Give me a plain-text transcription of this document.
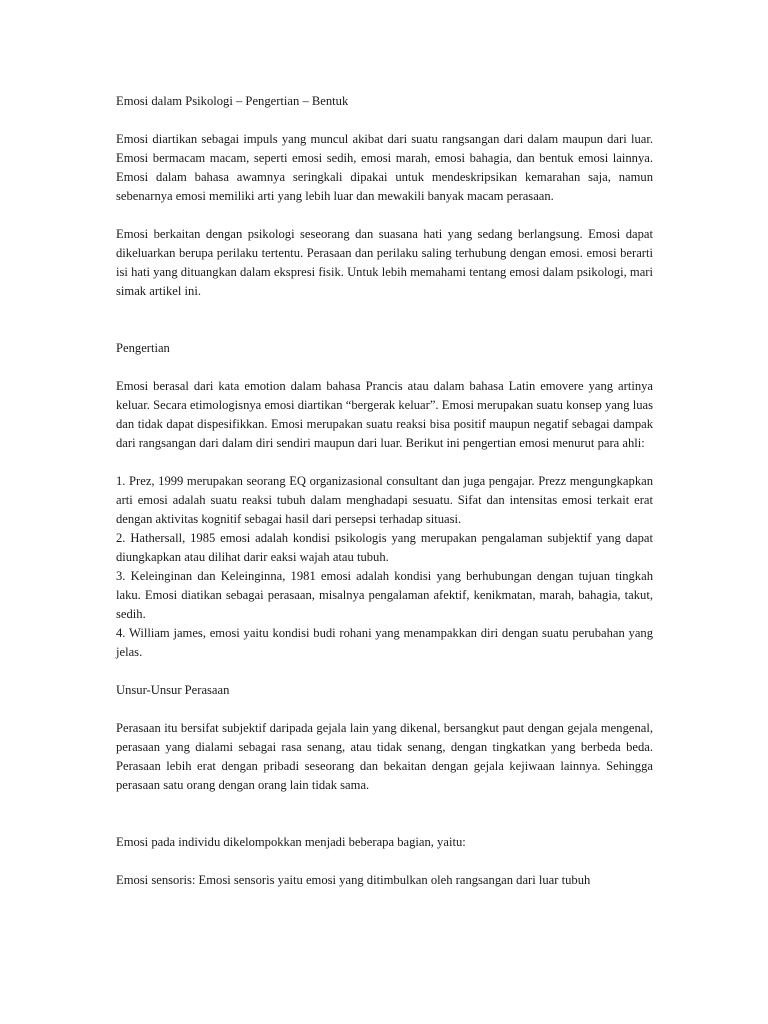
Emosi dalam Psikologi – Pengertian – Bentuk

Emosi diartikan sebagai impuls yang muncul akibat dari suatu rangsangan dari dalam maupun dari luar. Emosi bermacam macam, seperti emosi sedih, emosi marah, emosi bahagia, dan bentuk emosi lainnya. Emosi dalam bahasa awamnya seringkali dipakai untuk mendeskripsikan kemarahan saja, namun sebenarnya emosi memiliki arti yang lebih luar dan mewakili banyak macam perasaan.

Emosi berkaitan dengan psikologi seseorang dan suasana hati yang sedang berlangsung. Emosi dapat dikeluarkan berupa perilaku tertentu. Perasaan dan perilaku saling terhubung dengan emosi. emosi berarti isi hati yang dituangkan dalam ekspresi fisik. Untuk lebih memahami tentang emosi dalam psikologi, mari simak artikel ini.

Pengertian

Emosi berasal dari kata emotion dalam bahasa Prancis atau dalam bahasa Latin emovere yang artinya keluar. Secara etimologisnya emosi diartikan “bergerak keluar”. Emosi merupakan suatu konsep yang luas dan tidak dapat dispesifikkan. Emosi merupakan suatu reaksi bisa positif maupun negatif sebagai dampak dari rangsangan dari dalam diri sendiri maupun dari luar. Berikut ini pengertian emosi menurut para ahli:

1. Prez, 1999 merupakan seorang EQ organizasional consultant dan juga pengajar. Prezz mengungkapkan arti emosi adalah suatu reaksi tubuh dalam menghadapi sesuatu. Sifat dan intensitas emosi terkait erat dengan aktivitas kognitif sebagai hasil dari persepsi terhadap situasi.

2. Hathersall, 1985 emosi adalah kondisi psikologis yang merupakan pengalaman subjektif yang dapat diungkapkan atau dilihat darir eaksi wajah atau tubuh.

3. Keleinginan dan Keleinginna, 1981 emosi adalah kondisi yang berhubungan dengan tujuan tingkah laku. Emosi diatikan sebagai perasaan, misalnya pengalaman afektif, kenikmatan, marah, bahagia, takut, sedih.

4. William james, emosi yaitu kondisi budi rohani yang menampakkan diri dengan suatu perubahan yang jelas.

Unsur-Unsur Perasaan

Perasaan itu bersifat subjektif daripada gejala lain yang dikenal, bersangkut paut dengan gejala mengenal, perasaan yang dialami sebagai rasa senang, atau tidak senang, dengan tingkatkan yang berbeda beda. Perasaan lebih erat dengan pribadi seseorang dan bekaitan dengan gejala kejiwaan lainnya. Sehingga perasaan satu orang dengan orang lain tidak sama.

Emosi pada individu dikelompokkan menjadi beberapa bagian, yaitu:

Emosi sensoris: Emosi sensoris yaitu emosi yang ditimbulkan oleh rangsangan dari luar tubuh
